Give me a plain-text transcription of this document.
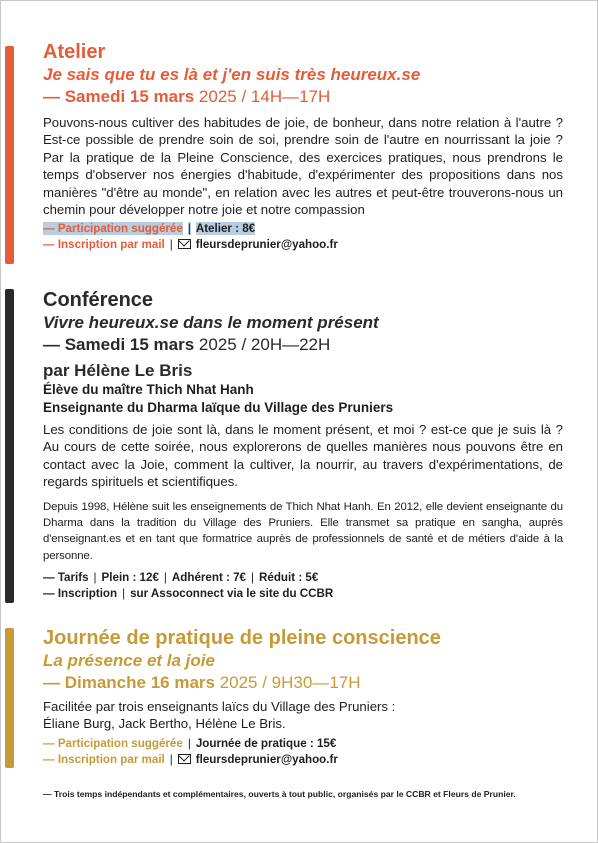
Atelier
Je sais que tu es là et j'en suis très heureux.se
— Samedi 15 mars 2025 / 14H—17H
Pouvons-nous cultiver des habitudes de joie, de bonheur, dans notre relation à l'autre ? Est-ce possible de prendre soin de soi, prendre soin de l'autre en nourrissant la joie ? Par la pratique de la Pleine Conscience, des exercices pratiques, nous prendrons le temps d'observer nos énergies d'habitude, d'expérimenter des propositions dans nos manières "d'être au monde", en relation avec les autres et peut-être trouverons-nous un chemin pour développer notre joie et notre compassion
— Participation suggérée | Atelier : 8€
— Inscription par mail | fleursdeprunier@yahoo.fr
Conférence
Vivre heureux.se dans le moment présent
— Samedi 15 mars 2025 / 20H—22H
par Hélène Le Bris
Élève du maître Thich Nhat Hanh
Enseignante du Dharma laïque du Village des Pruniers
Les conditions de joie sont là, dans le moment présent, et moi ? est-ce que je suis là ? Au cours de cette soirée, nous explorerons de quelles manières nous pouvons être en contact avec la Joie, comment la cultiver, la nourrir, au travers d'expérimentations, de regards spirituels et scientifiques.
Depuis 1998, Hélène suit les enseignements de Thich Nhat Hanh. En 2012, elle devient enseignante du Dharma dans la tradition du Village des Pruniers. Elle transmet sa pratique en sangha, auprès d'enseignant.es et en tant que formatrice auprès de professionnels de santé et de métiers d'aide à la personne.
— Tarifs | Plein : 12€ | Adhérent : 7€ | Réduit : 5€
— Inscription | sur Assoconnect via le site du CCBR
Journée de pratique de pleine conscience
La présence et la joie
— Dimanche 16 mars 2025 / 9H30—17H
Facilitée par trois enseignants laïcs du Village des Pruniers :
Éliane Burg, Jack Bertho, Hélène Le Bris.
— Participation suggérée | Journée de pratique : 15€
— Inscription par mail | fleursdeprunier@yahoo.fr
— Trois temps indépendants et complémentaires, ouverts à tout public, organisés par le CCBR et Fleurs de Prunier.
